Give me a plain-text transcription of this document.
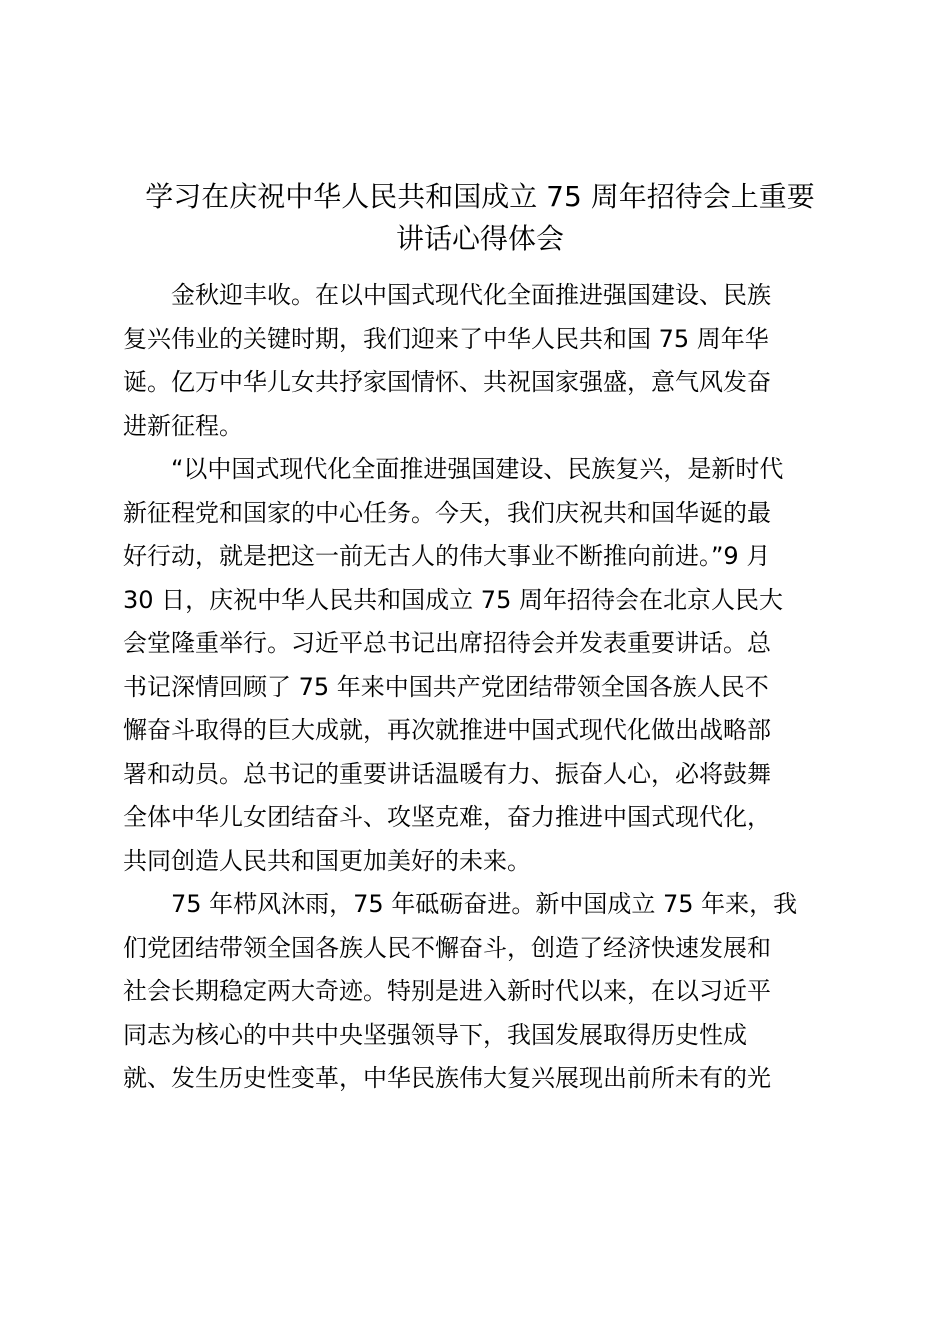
学习在庆祝中华人民共和国成立 75 周年招待会上重要
讲话心得体会

金秋迎丰收。在以中国式现代化全面推进强国建设、民族
复兴伟业的关键时期，我们迎来了中华人民共和国 75 周年华
诞。亿万中华儿女共抒家国情怀、共祝国家强盛，意气风发奋
进新征程。

“以中国式现代化全面推进强国建设、民族复兴，是新时代
新征程党和国家的中心任务。今天，我们庆祝共和国华诞的最
好行动，就是把这一前无古人的伟大事业不断推向前进。”9 月
30 日，庆祝中华人民共和国成立 75 周年招待会在北京人民大
会堂隆重举行。习近平总书记出席招待会并发表重要讲话。总
书记深情回顾了 75 年来中国共产党团结带领全国各族人民不
懈奋斗取得的巨大成就，再次就推进中国式现代化做出战略部
署和动员。总书记的重要讲话温暖有力、振奋人心，必将鼓舞
全体中华儿女团结奋斗、攻坚克难，奋力推进中国式现代化，
共同创造人民共和国更加美好的未来。

75 年栉风沐雨，75 年砥砺奋进。新中国成立 75 年来，我
们党团结带领全国各族人民不懈奋斗，创造了经济快速发展和
社会长期稳定两大奇迹。特别是进入新时代以来，在以习近平
同志为核心的中共中央坚强领导下，我国发展取得历史性成
就、发生历史性变革，中华民族伟大复兴展现出前所未有的光
